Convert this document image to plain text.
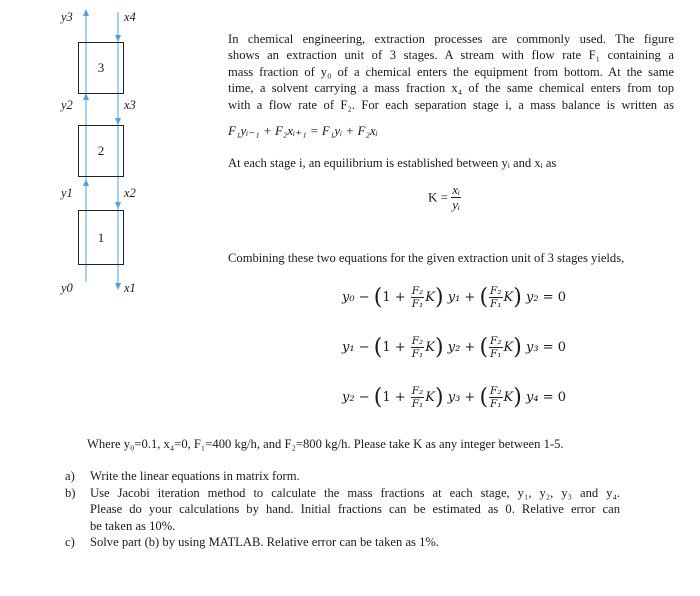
3
2
1
y3
y2
y1
y0
x4
x3
x2
x1
In chemical engineering, extraction processes are commonly used. The figure
shows an extraction unit of 3 stages. A stream with flow rate F₁ containing a
mass fraction of y₀ of a chemical enters the equipment from bottom. At the same
time, a solvent carrying a mass fraction x₄ of the same chemical enters from top
with a flow rate of F₂. For each separation stage i, a mass balance is written as
F₁yᵢ₋₁ + F₂xᵢ₊₁ = F₁yᵢ + F₂xᵢ
At each stage i, an equilibrium is established between yᵢ and xᵢ as
$K = \frac{\text{xᵢ}}{\text{yᵢ}}$
Combining these two equations for the given extraction unit of 3 stages yields,
$y_0 - (1 + \frac{\text{F₂}}{\text{F₁}} K)$ y₁ + ( $\frac{\text{F₂}}{\text{F₁}} K$) y₂ = 0
$y_1 - (1 + \frac{\text{F₂}}{\text{F₁}} K)$ y₂ + ( $\frac{\text{F₂}}{\text{F₁}} K$) y₃ = 0
$y_2 - (1 + \frac{\text{F₂}}{\text{F₁}} K)$ y₃ + ( $\frac{\text{F₂}}{\text{F₁}} K$) y₄ = 0
Where y₀=0.1, x₄=0, F₁=400 kg/h, and F₂=800 kg/h. Please take K as any integer between 1-5.
a) Write the linear equations in matrix form.
b) Use Jacobi iteration method to calculate the mass fractions at each stage, y₁, y₂, y₃ and y₄.
Please do your calculations by hand. Initial fractions can be estimated as 0. Relative error can
be taken as 10%.
c) Solve part (b) by using MATLAB. Relative error can be taken as 1%.
